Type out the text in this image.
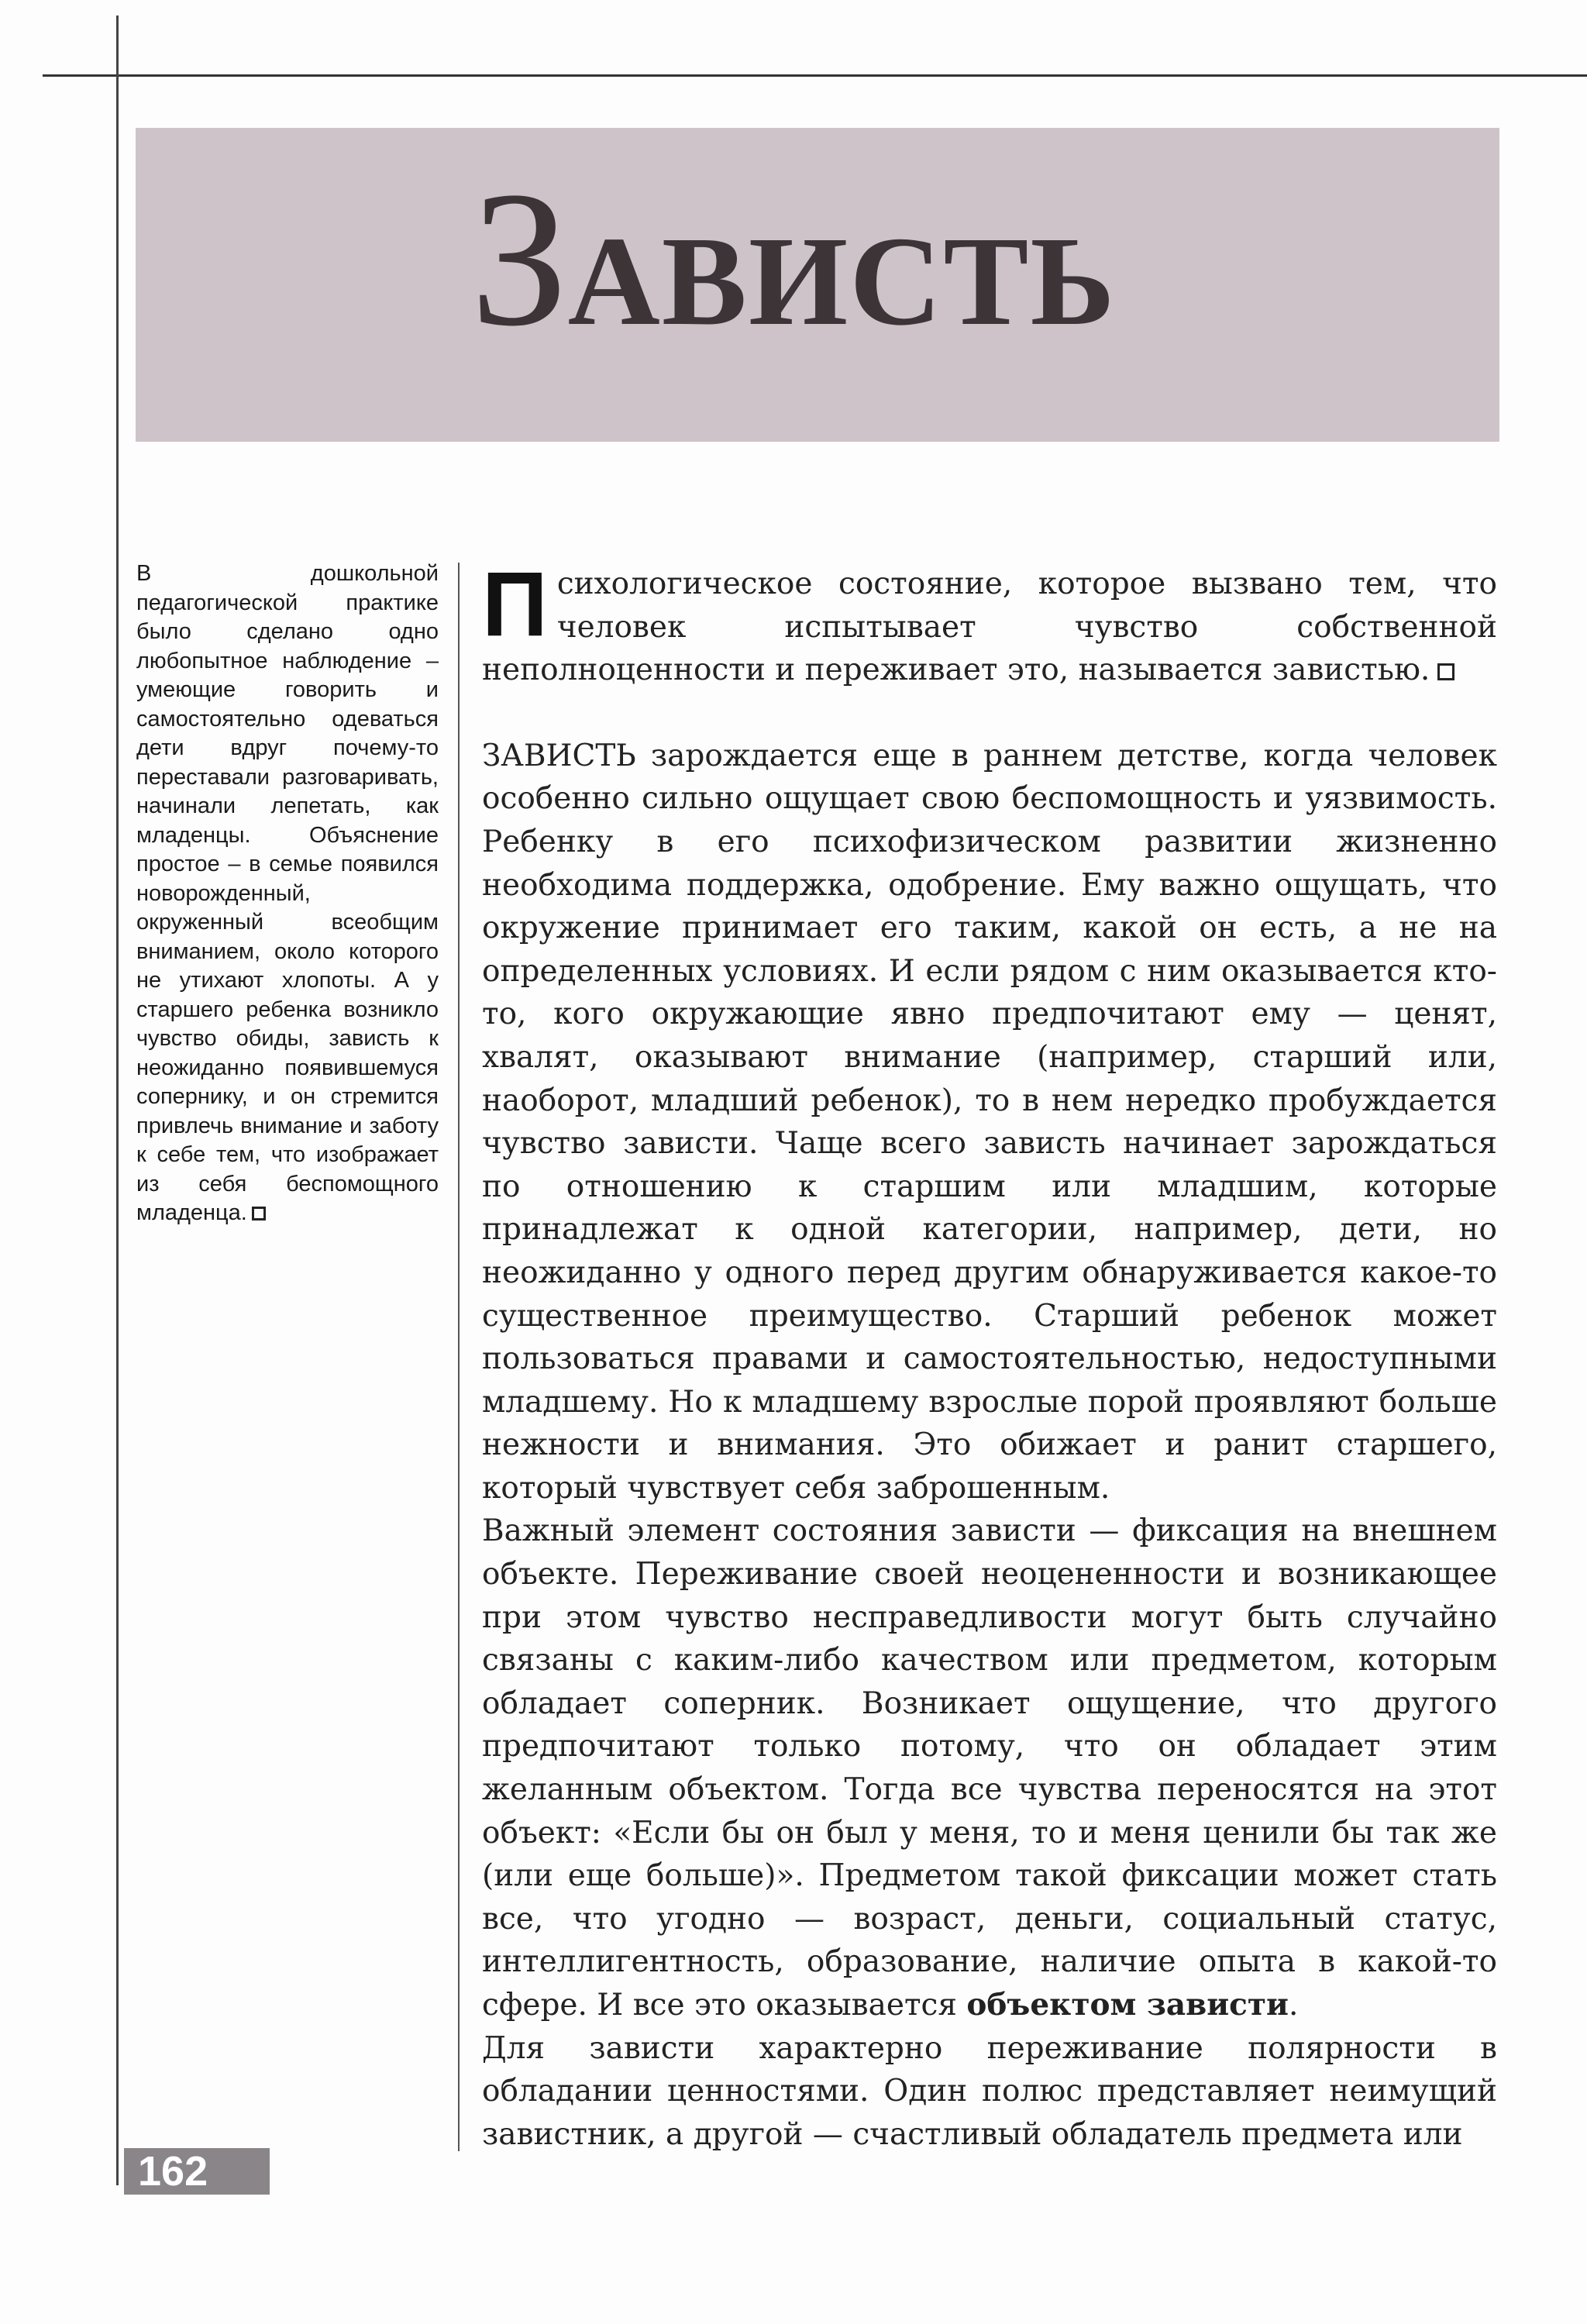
ЗАВИСТЬ
В дошкольной педагогической практике было сделано одно любопытное наблюдение – умеющие говорить и самостоятельно одеваться дети вдруг почему-то переставали разговаривать, начинали лепетать, как младенцы. Объяснение простое – в семье появился новорожденный, окруженный всеобщим вниманием, около которого не утихают хлопоты. А у старшего ребенка возникло чувство обиды, зависть к неожиданно появившемуся сопернику, и он стремится привлечь внимание и заботу к себе тем, что изображает из себя беспомощного младенца.

Психологическое состояние, которое вызвано тем, что человек испытывает чувство собственной неполноценности и переживает это, называется завистью.

ЗАВИСТЬ зарождается еще в раннем детстве, когда человек особенно сильно ощущает свою беспомощность и уязвимость. Ребенку в его психофизическом развитии жизненно необходима поддержка, одобрение. Ему важно ощущать, что окружение принимает его таким, какой он есть, а не на определенных условиях. И если рядом с ним оказывается кто-то, кого окружающие явно предпочитают ему — ценят, хвалят, оказывают внимание (например, старший или, наоборот, младший ребенок), то в нем нередко пробуждается чувство зависти. Чаще всего зависть начинает зарождаться по отношению к старшим или младшим, которые принадлежат к одной категории, например, дети, но неожиданно у одного перед другим обнаруживается какое-то существенное преимущество. Старший ребенок может пользоваться правами и самостоятельностью, недоступными младшему. Но к младшему взрослые порой проявляют больше нежности и внимания. Это обижает и ранит старшего, который чувствует себя заброшенным.

Важный элемент состояния зависти — фиксация на внешнем объекте. Переживание своей неоцененности и возникающее при этом чувство несправедливости могут быть случайно связаны с каким-либо качеством или предметом, которым обладает соперник. Возникает ощущение, что другого предпочитают только потому, что он обладает этим желанным объектом. Тогда все чувства переносятся на этот объект: «Если бы он был у меня, то и меня ценили бы так же (или еще больше)». Предметом такой фиксации может стать все, что угодно — возраст, деньги, социальный статус, интеллигентность, образование, наличие опыта в какой-то сфере. И все это оказывается объектом зависти.

Для зависти характерно переживание полярности в обладании ценностями. Один полюс представляет неимущий завистник, а другой — счастливый обладатель предмета или

162
